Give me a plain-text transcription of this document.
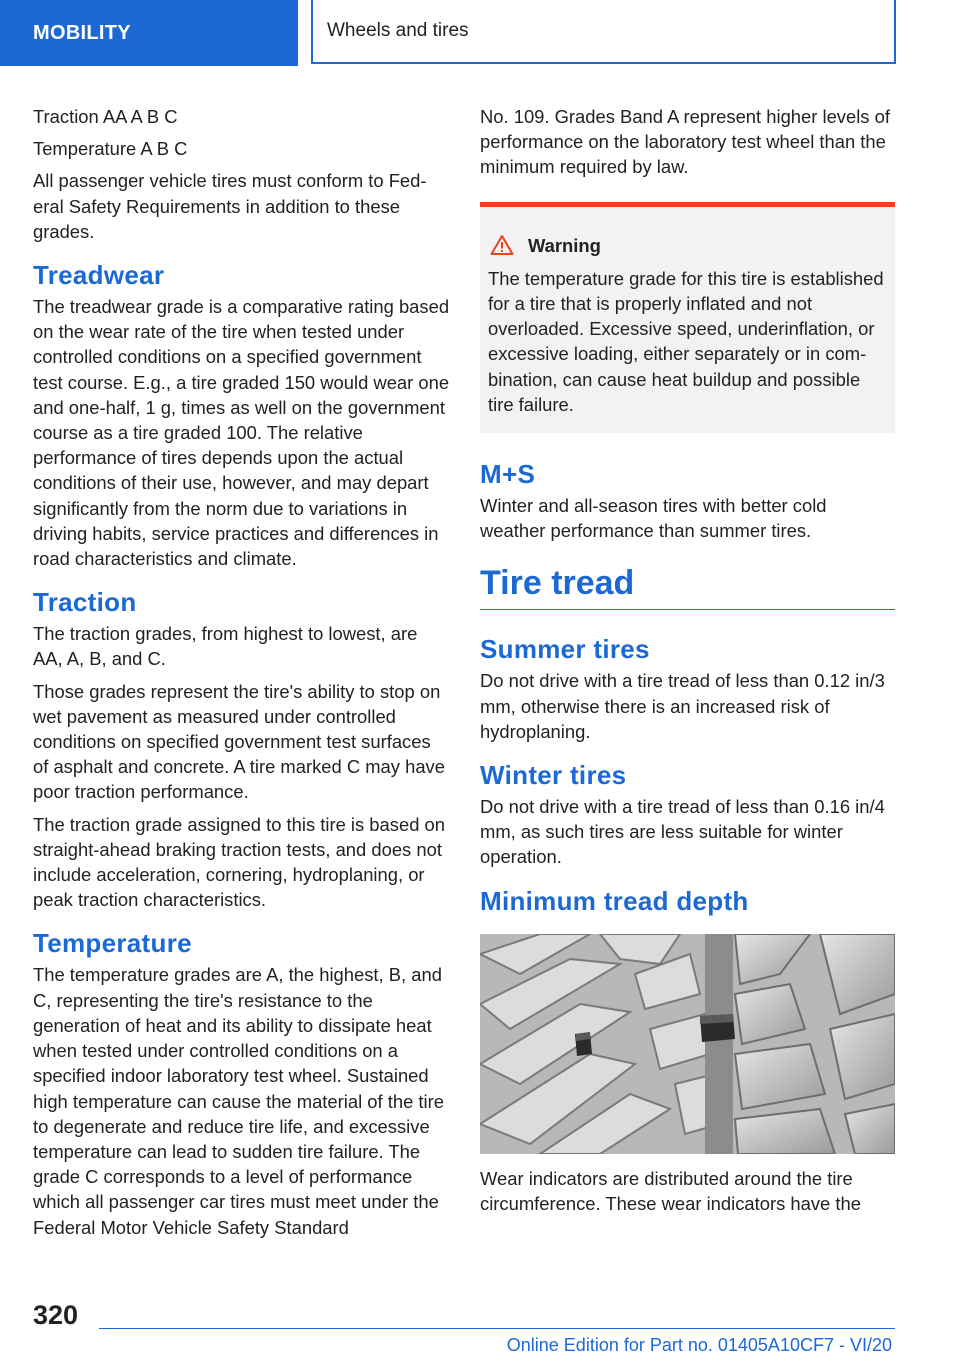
MOBILITY	Wheels and tires

Traction AA A B C

Temperature A B C

All passenger vehicle tires must conform to Federal Safety Requirements in addition to these grades.

Treadwear

The treadwear grade is a comparative rating based on the wear rate of the tire when tested under controlled conditions on a specified government test course. E.g., a tire graded 150 would wear one and one-half, 1 g, times as well on the government course as a tire graded 100. The relative performance of tires depends upon the actual conditions of their use, however, and may depart significantly from the norm due to variations in driving habits, service practices and differences in road characteristics and climate.

Traction

The traction grades, from highest to lowest, are AA, A, B, and C.

Those grades represent the tire's ability to stop on wet pavement as measured under controlled conditions on specified government test surfaces of asphalt and concrete. A tire marked C may have poor traction performance.

The traction grade assigned to this tire is based on straight-ahead braking traction tests, and does not include acceleration, cornering, hydroplaning, or peak traction characteristics.

Temperature

The temperature grades are A, the highest, B, and C, representing the tire's resistance to the generation of heat and its ability to dissipate heat when tested under controlled conditions on a specified indoor laboratory test wheel. Sustained high temperature can cause the material of the tire to degenerate and reduce tire life, and excessive temperature can lead to sudden tire failure. The grade C corresponds to a level of performance which all passenger car tires must meet under the Federal Motor Vehicle Safety Standard

No. 109. Grades Band A represent higher levels of performance on the laboratory test wheel than the minimum required by law.

Warning

The temperature grade for this tire is established for a tire that is properly inflated and not overloaded. Excessive speed, underinflation, or excessive loading, either separately or in combination, can cause heat buildup and possible tire failure.

M+S

Winter and all-season tires with better cold weather performance than summer tires.

Tire tread
Summer tires

Do not drive with a tire tread of less than 0.12 in/3 mm, otherwise there is an increased risk of hydroplaning.

Winter tires

Do not drive with a tire tread of less than 0.16 in/4 mm, as such tires are less suitable for winter operation.

Minimum tread depth

Wear indicators are distributed around the tire circumference. These wear indicators have the

320
Online Edition for Part no. 01405A10CF7 - VI/20
